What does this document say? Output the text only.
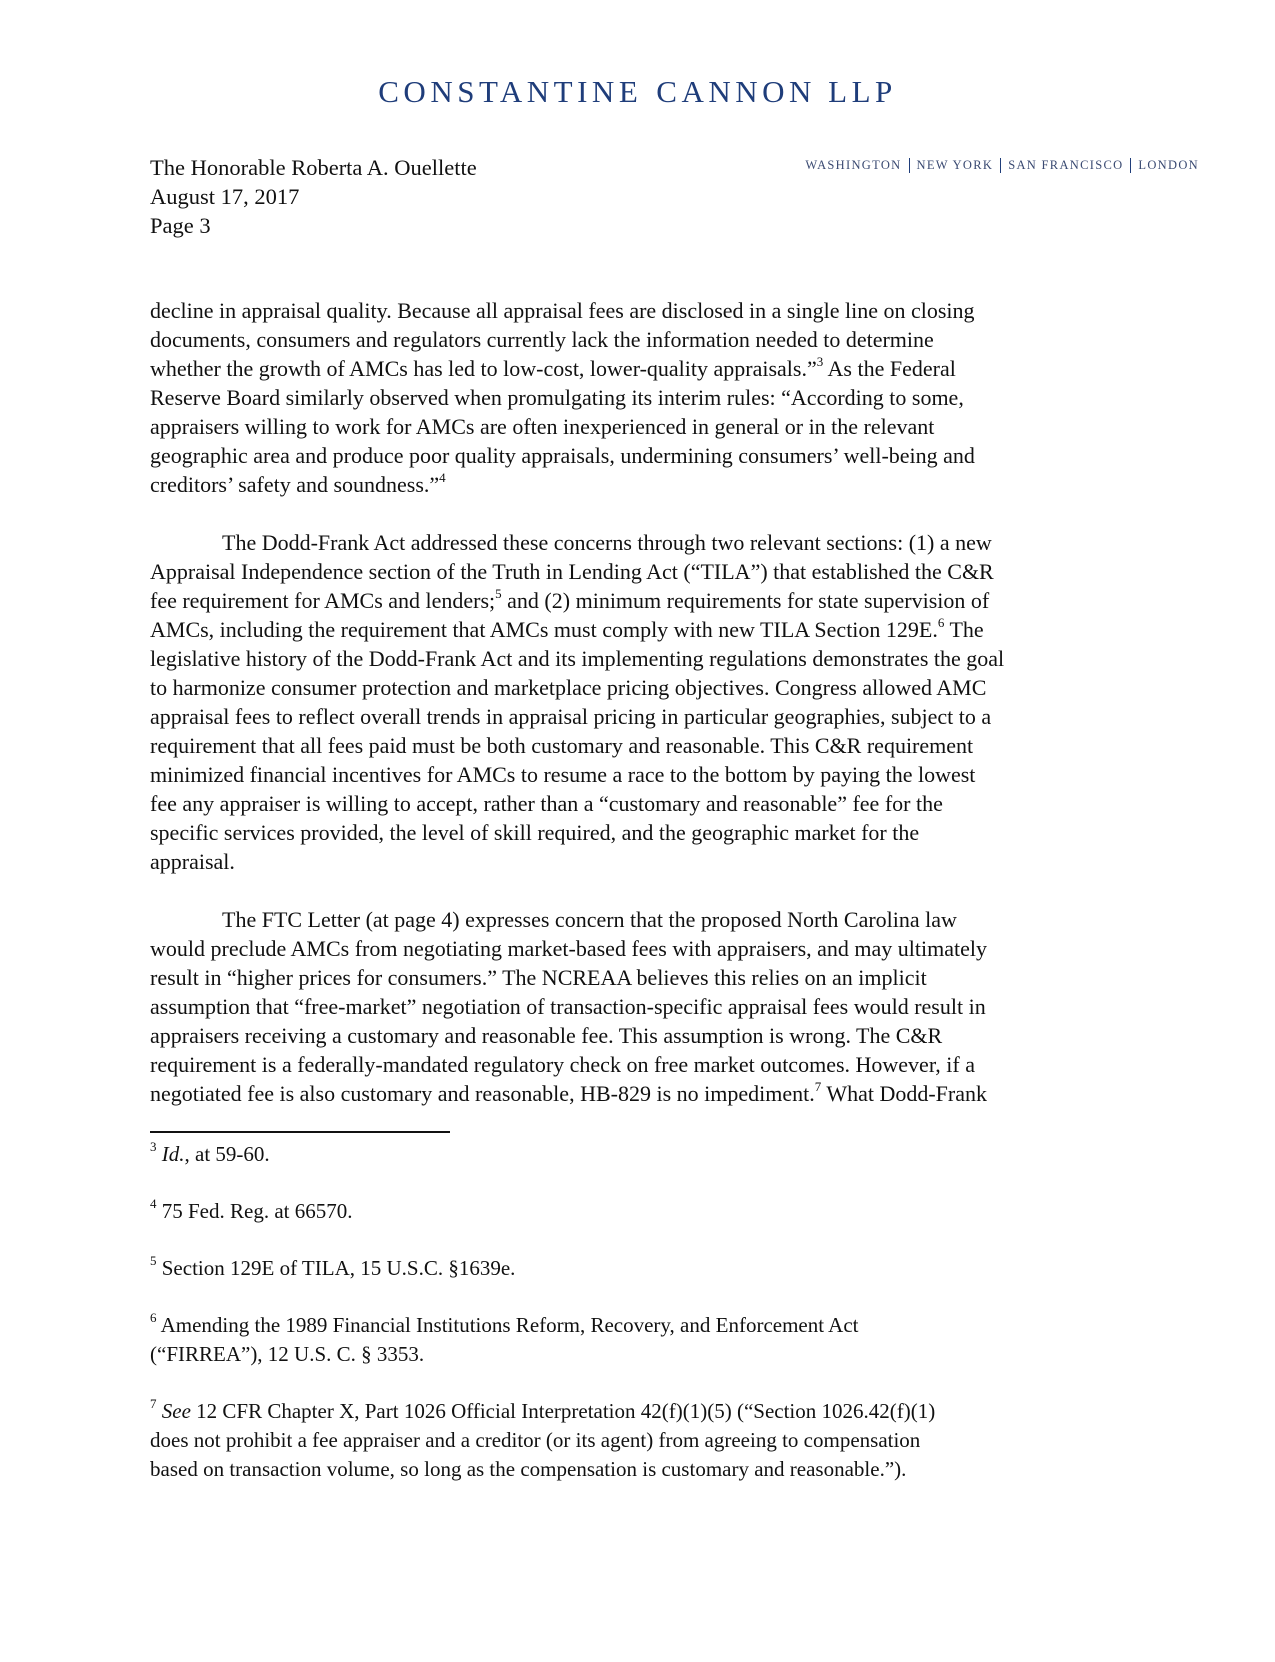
CONSTANTINE CANNON LLP
WASHINGTON NEW YORK SAN FRANCISCO LONDON
The Honorable Roberta A. Ouellette
August 17, 2017
Page 3
decline in appraisal quality. Because all appraisal fees are disclosed in a single line on closing
documents, consumers and regulators currently lack the information needed to determine
whether the growth of AMCs has led to low-cost, lower-quality appraisals.”$^3$ As the Federal
Reserve Board similarly observed when promulgating its interim rules: “According to some,
appraisers willing to work for AMCs are often inexperienced in general or in the relevant
geographic area and produce poor quality appraisals, undermining consumers’ well-being and
creditors’ safety and soundness.”$^4$
The Dodd-Frank Act addressed these concerns through two relevant sections: (1) a new
Appraisal Independence section of the Truth in Lending Act (“TILA”) that established the C&R
fee requirement for AMCs and lenders;$^5$ and (2) minimum requirements for state supervision of
AMCs, including the requirement that AMCs must comply with new TILA Section 129E.$^6$ The
legislative history of the Dodd-Frank Act and its implementing regulations demonstrates the goal
to harmonize consumer protection and marketplace pricing objectives. Congress allowed AMC
appraisal fees to reflect overall trends in appraisal pricing in particular geographies, subject to a
requirement that all fees paid must be both customary and reasonable. This C&R requirement
minimized financial incentives for AMCs to resume a race to the bottom by paying the lowest
fee any appraiser is willing to accept, rather than a “customary and reasonable” fee for the
specific services provided, the level of skill required, and the geographic market for the
appraisal.
The FTC Letter (at page 4) expresses concern that the proposed North Carolina law
would preclude AMCs from negotiating market-based fees with appraisers, and may ultimately
result in “higher prices for consumers.” The NCREAA believes this relies on an implicit
assumption that “free-market” negotiation of transaction-specific appraisal fees would result in
appraisers receiving a customary and reasonable fee. This assumption is wrong. The C&R
requirement is a federally-mandated regulatory check on free market outcomes. However, if a
negotiated fee is also customary and reasonable, HB-829 is no impediment.$^7$ What Dodd-Frank
$^3$ Id., at 59-60.
$^4$ 75 Fed. Reg. at 66570.
$^5$ Section 129E of TILA, 15 U.S.C. §1639e.
$^6$ Amending the 1989 Financial Institutions Reform, Recovery, and Enforcement Act
(“FIRREA”), 12 U.S. C. § 3353.
$^7$ See 12 CFR Chapter X, Part 1026 Official Interpretation 42(f)(1)(5) (“Section 1026.42(f)(1)
does not prohibit a fee appraiser and a creditor (or its agent) from agreeing to compensation
based on transaction volume, so long as the compensation is customary and reasonable.”).
